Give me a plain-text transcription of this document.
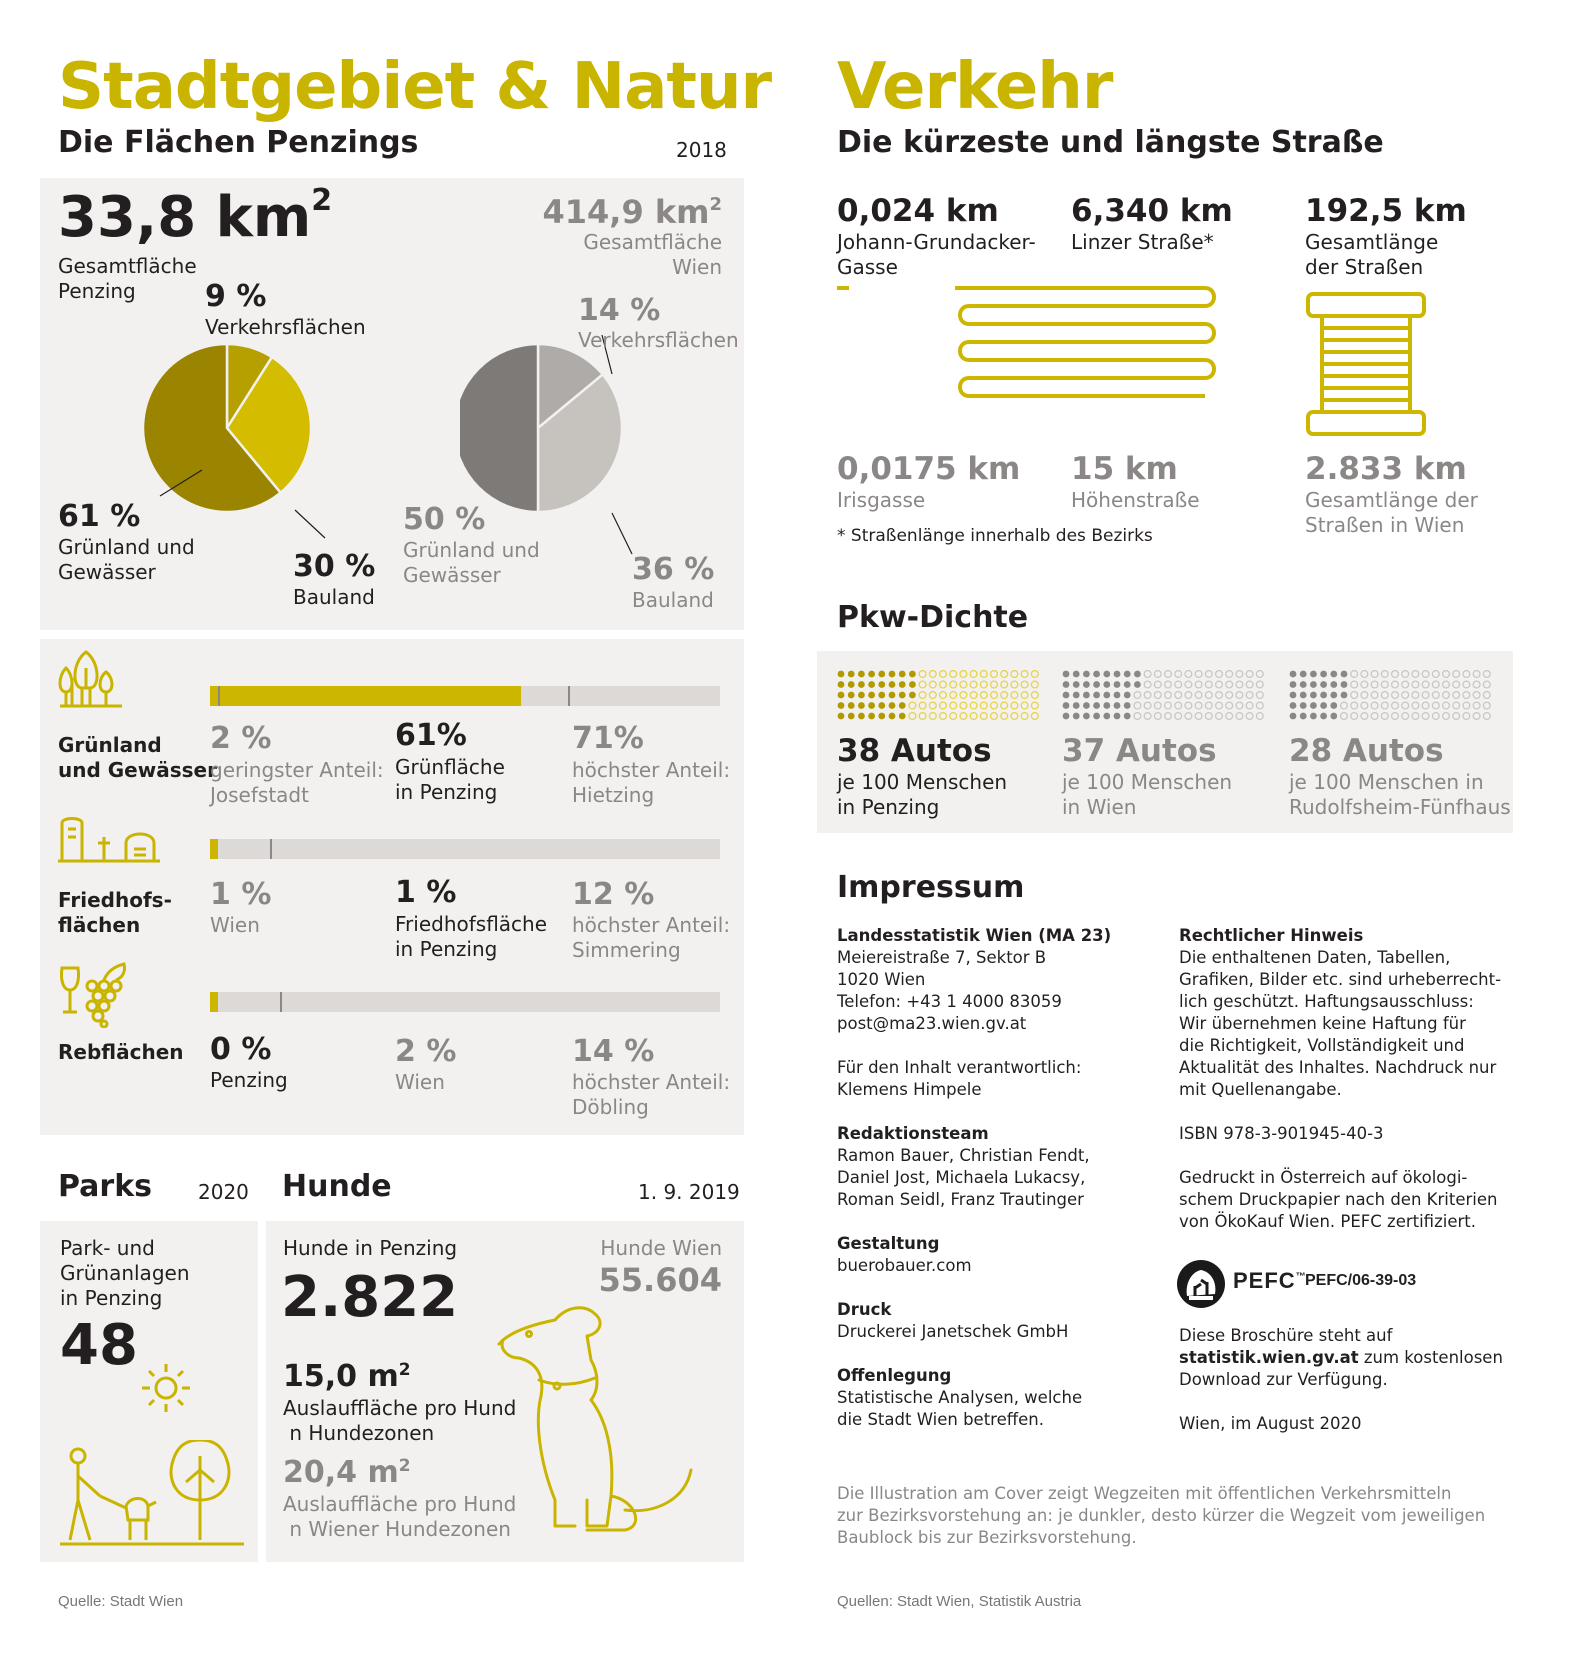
Stadtgebiet & Natur
Die Flächen Penzings	2018
33,8 $km^2$
Gesamtfläche
Penzing
414,9 $km^2$
Gesamtfläche
Wien
9 %
Verkehrsflächen
61 %
Grünland und
Gewässer	30 %
Bauland
14 %
Verkehrsflächen
50 %
Grünland und
Gewässer	36 %
Bauland
Grünland
und Gewässer
2 %
geringster Anteil:
Josefstadt
61%
Grünfläche
in Penzing
71%
höchster Anteil:
Hietzing
Friedhofs-
flächen
1 %
Wien
1 %
Friedhofsfläche
in Penzing
12 %
höchster Anteil:
Simmering
Rebflächen 0 %
Penzing
2 %
Wien
14 %
höchster Anteil:
Döbling
Parks 2020
Park- und
Grünanlagen
in Penzing
48
Hunde	1. 9. 2019
Hunde in Penzing
2.822
Hunde Wien
55.604
15,0 $m^2$
Auslauffläche pro Hund
n Hundezonen
20,4 $m^2$
Auslauffläche pro Hund
n Wiener Hundezonen
Quelle: Stadt Wien
Verkehr
Die kürzeste und längste Straße
0,024 km
Johann-Grundacker-
Gasse
6,340 km
Linzer Straße*
192,5 km
Gesamtlänge
der Straßen
0,0175 km
Irisgasse
15 km
Höhenstraße
2.833 km
Gesamtlänge der
Straßen in Wien
* Straßenlänge innerhalb des Bezirks
Pkw-Dichte
38 Autos
je 100 Menschen
in Penzing
37 Autos
je 100 Menschen
in Wien
28 Autos
je 100 Menschen in
Rudolfsheim-Fünfhaus
Impressum
Landesstatistik Wien (MA 23)
Meiereistraße 7, Sektor B
1020 Wien
Telefon: +43 1 4000 83059
post@ma23.wien.gv.at
Für den Inhalt verantwortlich:
Klemens Himpele
Redaktionsteam
Ramon Bauer, Christian Fendt,
Daniel Jost, Michaela Lukacsy,
Roman Seidl, Franz Trautinger
Gestaltung
buerobauer.com
Druck
Druckerei Janetschek GmbH
Offenlegung
Statistische Analysen, welche
die Stadt Wien betreffen.
Rechtlicher Hinweis
Die enthaltenen Daten, Tabellen,
Grafiken, Bilder etc. sind urheberrecht-
lich geschützt. Haftungsausschluss:
Wir übernehmen keine Haftung für
die Richtigkeit, Vollständigkeit und
Aktualität des Inhaltes. Nachdruck nur
mit Quellenangabe.
ISBN 978-3-901945-40-3
Gedruckt in Österreich auf ökologi-
schem Druckpapier nach den Kriterien
von ÖkoKauf Wien. PEFC zertifiziert.
PEFC™
PEFC/06-39-03
Diese Broschüre steht auf
statistik.wien.gv.at zum kostenlosen
Download zur Verfügung.
Wien, im August 2020
Die Illustration am Cover zeigt Wegzeiten mit öffentlichen Verkehrsmitteln
zur Bezirksvorstehung an: je dunkler, desto kürzer die Wegzeit vom jeweiligen
Baublock bis zur Bezirksvorstehung.
Quellen: Stadt Wien, Statistik Austria
